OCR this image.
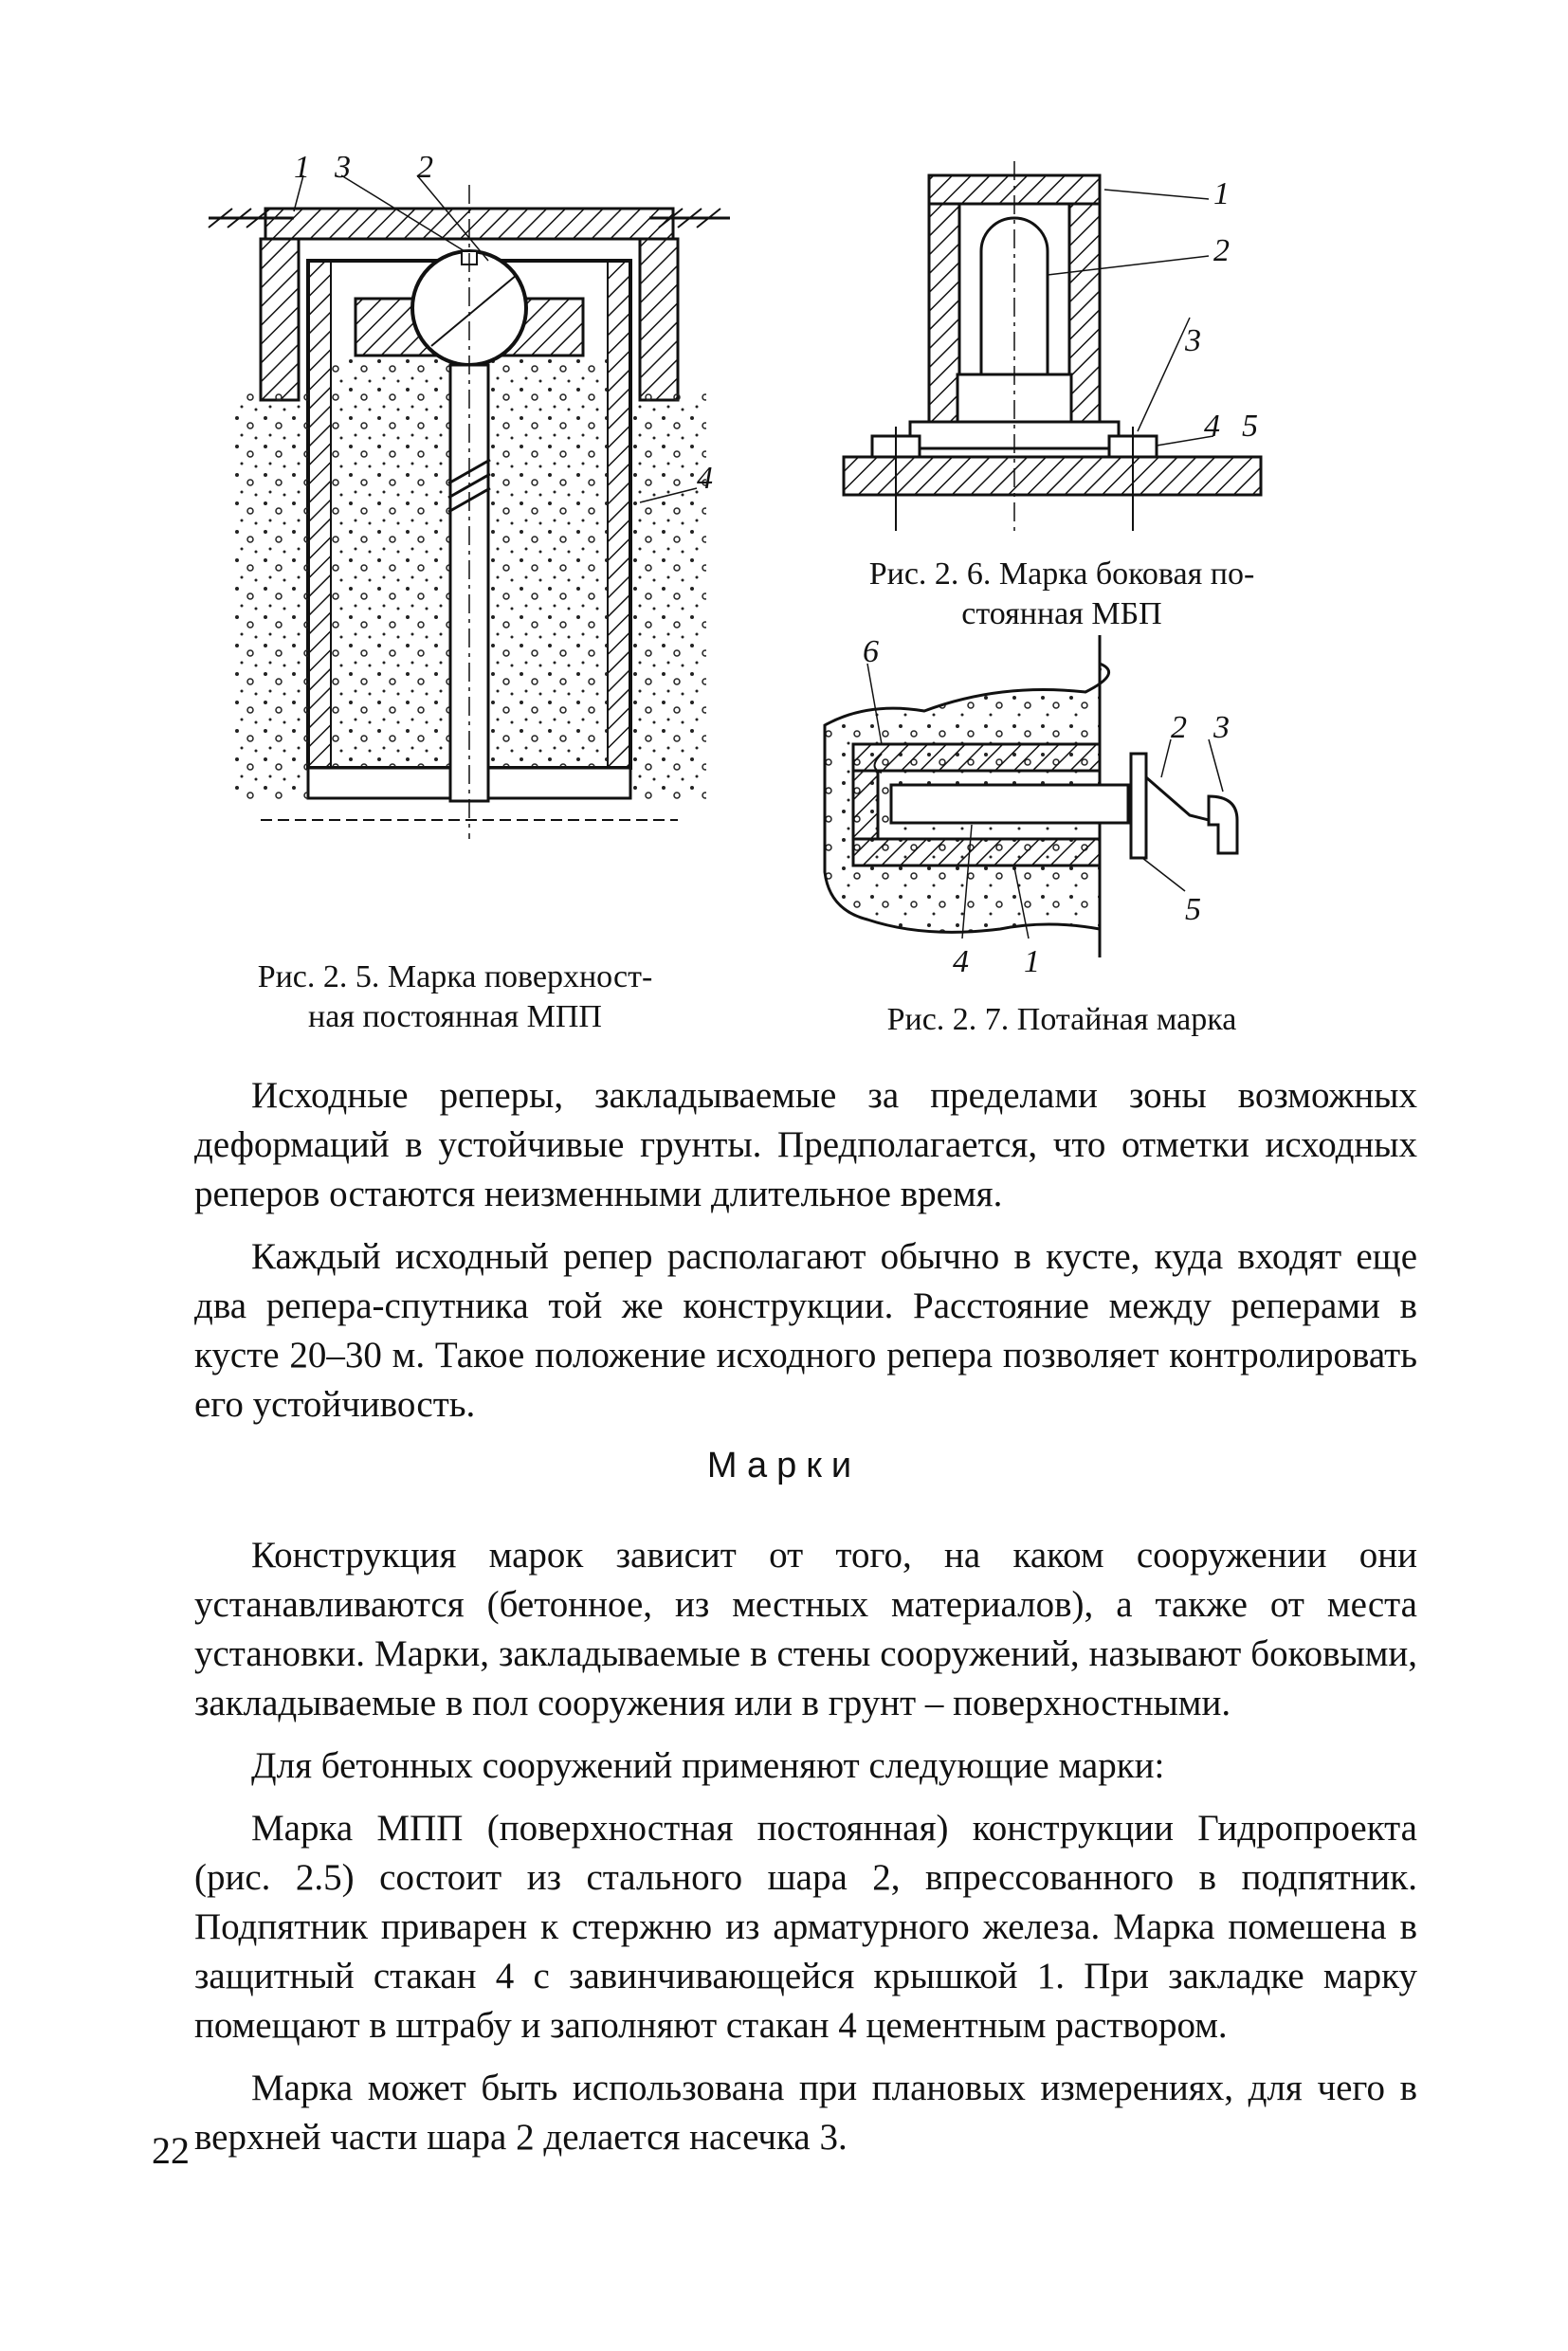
1 3 2
4
Рис. 2. 5. Марка поверхност-
ная постоянная МПП
1
2
3
4 5
Рис. 2. 6. Марка боковая по-
стоянная МБП
6
2 3
5
4 1
Рис. 2. 7. Потайная марка

Исходные реперы, закладываемые за пределами зоны возможных деформаций в устойчивые грунты. Предполагается, что отметки исходных реперов остаются неизменными длительное время.

Каждый исходный репер располагают обычно в кусте, куда входят еще два репера-спутника той же конструкции. Расстояние между реперами в кусте 20–30 м. Такое положение исходного репера позволяет контролировать его устойчивость.

Марки

Конструкция марок зависит от того, на каком сооружении они устанавливаются (бетонное, из местных материалов), а также от места установки. Марки, закладываемые в стены сооружений, называют боковыми, закладываемые в пол сооружения или в грунт – поверхностными.

Для бетонных сооружений применяют следующие марки:

Марка МПП (поверхностная постоянная) конструкции Гидропроекта (рис. 2.5) состоит из стального шара 2, впрессованного в подпятник. Подпятник приварен к стержню из арматурного железа. Марка помешена в защитный стакан 4 с завинчивающейся крышкой 1. При закладке марку помещают в штрабу и заполняют стакан 4 цементным раствором.

Марка может быть использована при плановых измерениях, для чего в верхней части шара 2 делается насечка 3.

22
